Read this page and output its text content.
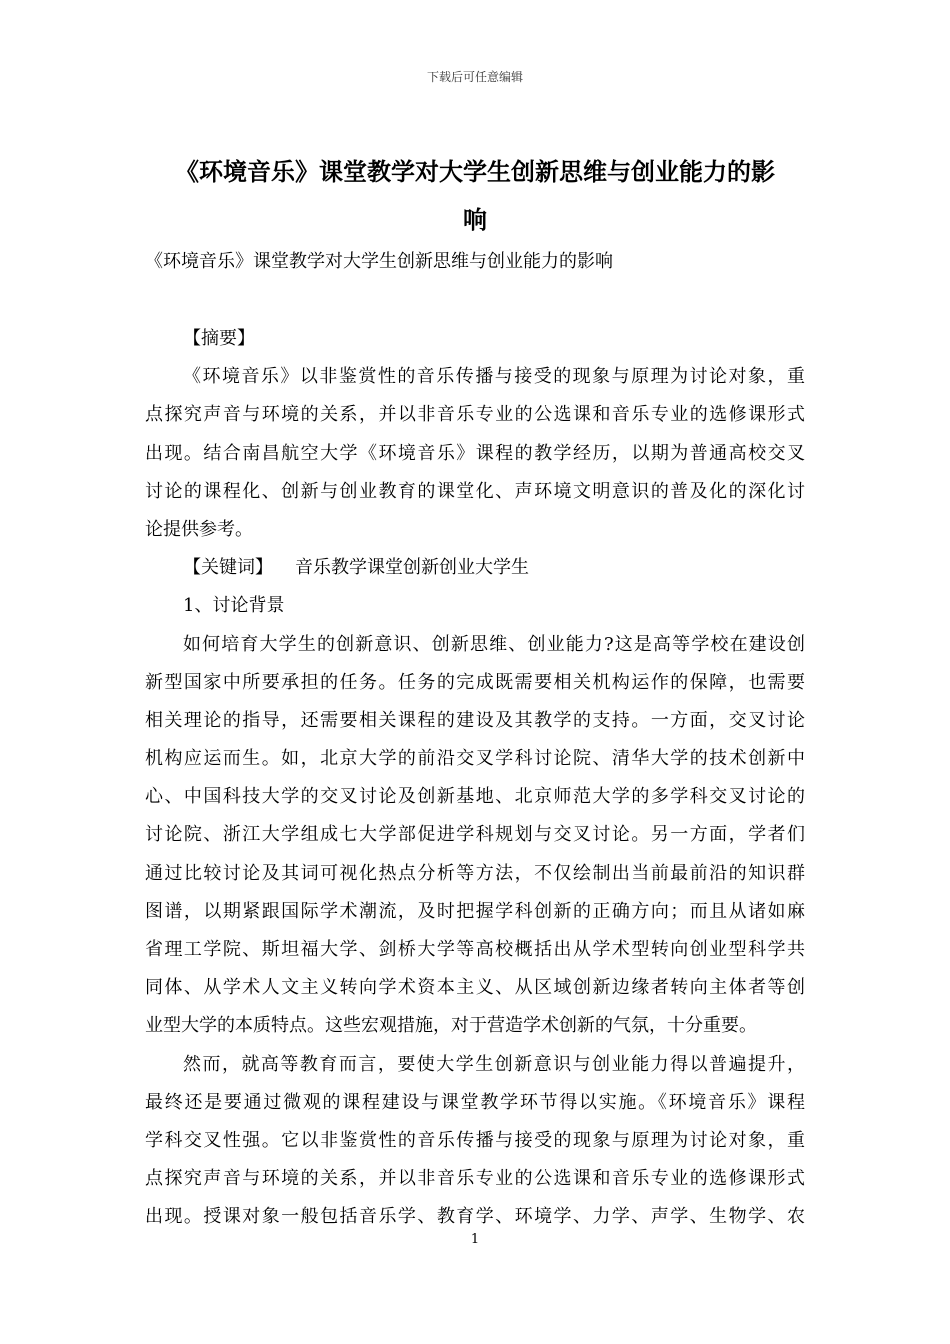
下载后可任意编辑
《环境音乐》课堂教学对大学生创新思维与创业能力的影
响
《环境音乐》课堂教学对大学生创新思维与创业能力的影响
【摘要】
《环境音乐》以非鉴赏性的音乐传播与接受的现象与原理为讨论对象，重
点探究声音与环境的关系，并以非音乐专业的公选课和音乐专业的选修课形式
出现。结合南昌航空大学《环境音乐》课程的教学经历，以期为普通高校交叉
讨论的课程化、创新与创业教育的课堂化、声环境文明意识的普及化的深化讨
论提供参考。
【关键词】 音乐教学课堂创新创业大学生
1、讨论背景
如何培育大学生的创新意识、创新思维、创业能力?这是高等学校在建设创
新型国家中所要承担的任务。任务的完成既需要相关机构运作的保障，也需要
相关理论的指导，还需要相关课程的建设及其教学的支持。一方面，交叉讨论
机构应运而生。如，北京大学的前沿交叉学科讨论院、清华大学的技术创新中
心、中国科技大学的交叉讨论及创新基地、北京师范大学的多学科交叉讨论的
讨论院、浙江大学组成七大学部促进学科规划与交叉讨论。另一方面，学者们
通过比较讨论及其词可视化热点分析等方法，不仅绘制出当前最前沿的知识群
图谱，以期紧跟国际学术潮流，及时把握学科创新的正确方向；而且从诸如麻
省理工学院、斯坦福大学、剑桥大学等高校概括出从学术型转向创业型科学共
同体、从学术人文主义转向学术资本主义、从区域创新边缘者转向主体者等创
业型大学的本质特点。这些宏观措施，对于营造学术创新的气氛，十分重要。
然而，就高等教育而言，要使大学生创新意识与创业能力得以普遍提升，
最终还是要通过微观的课程建设与课堂教学环节得以实施。《环境音乐》课程
学科交叉性强。它以非鉴赏性的音乐传播与接受的现象与原理为讨论对象，重
点探究声音与环境的关系，并以非音乐专业的公选课和音乐专业的选修课形式
出现。授课对象一般包括音乐学、教育学、环境学、力学、声学、生物学、农
1
